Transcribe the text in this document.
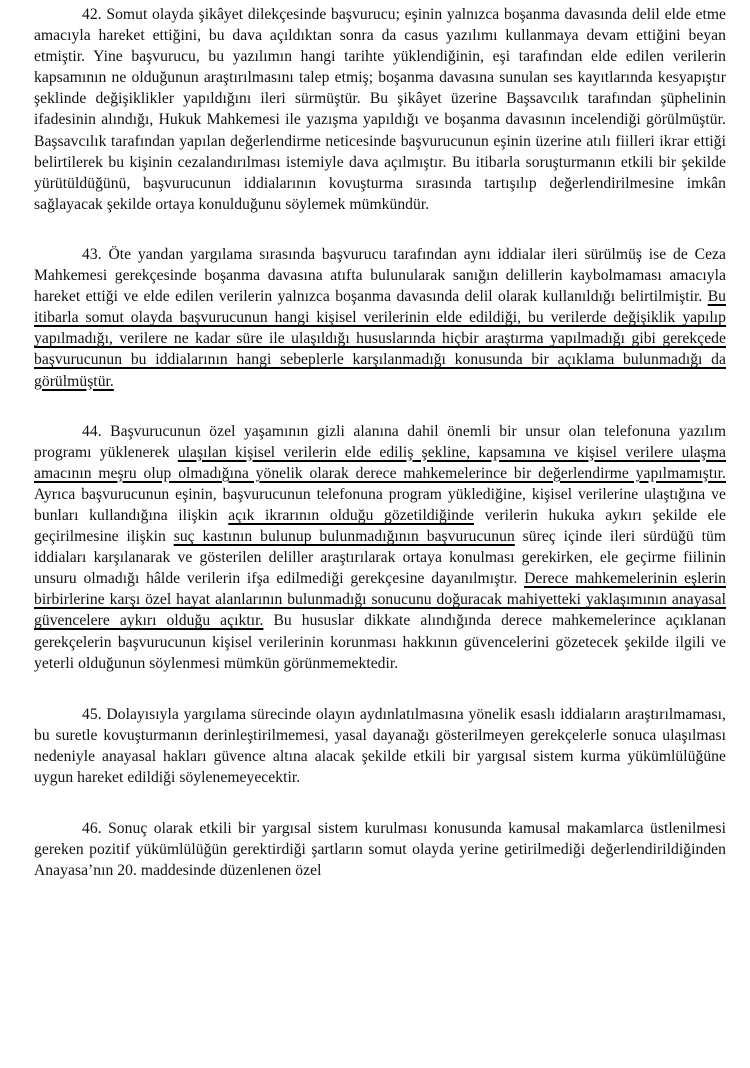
42. Somut olayda şikâyet dilekçesinde başvurucu; eşinin yalnızca boşanma davasında delil elde etme amacıyla hareket ettiğini, bu dava açıldıktan sonra da casus yazılımı kullanmaya devam ettiğini beyan etmiştir. Yine başvurucu, bu yazılımın hangi tarihte yüklendiğinin, eşi tarafından elde edilen verilerin kapsamının ne olduğunun araştırılmasını talep etmiş; boşanma davasına sunulan ses kayıtlarında kesyapıştır şeklinde değişiklikler yapıldığını ileri sürmüştür. Bu şikâyet üzerine Başsavcılık tarafından şüphelinin ifadesinin alındığı, Hukuk Mahkemesi ile yazışma yapıldığı ve boşanma davasının incelendiği görülmüştür. Başsavcılık tarafından yapılan değerlendirme neticesinde başvurucunun eşinin üzerine atılı fiilleri ikrar ettiği belirtilerek bu kişinin cezalandırılması istemiyle dava açılmıştır. Bu itibarla soruşturmanın etkili bir şekilde yürütüldüğünü, başvurucunun iddialarının kovuşturma sırasında tartışılıp değerlendirilmesine imkân sağlayacak şekilde ortaya konulduğunu söylemek mümkündür.

43. Öte yandan yargılama sırasında başvurucu tarafından aynı iddialar ileri sürülmüş ise de Ceza Mahkemesi gerekçesinde boşanma davasına atıfta bulunularak sanığın delillerin kaybolmaması amacıyla hareket ettiği ve elde edilen verilerin yalnızca boşanma davasında delil olarak kullanıldığı belirtilmiştir. Bu itibarla somut olayda başvurucunun hangi kişisel verilerinin elde edildiği, bu verilerde değişiklik yapılıp yapılmadığı, verilere ne kadar süre ile ulaşıldığı hususlarında hiçbir araştırma yapılmadığı gibi gerekçede başvurucunun bu iddialarının hangi sebeplerle karşılanmadığı konusunda bir açıklama bulunmadığı da görülmüştür.

44. Başvurucunun özel yaşamının gizli alanına dahil önemli bir unsur olan telefonuna yazılım programı yüklenerek ulaşılan kişisel verilerin elde ediliş şekline, kapsamına ve kişisel verilere ulaşma amacının meşru olup olmadığına yönelik olarak derece mahkemelerince bir değerlendirme yapılmamıştır. Ayrıca başvurucunun eşinin, başvurucunun telefonuna program yüklediğine, kişisel verilerine ulaştığına ve bunları kullandığına ilişkin açık ikrarının olduğu gözetildiğinde verilerin hukuka aykırı şekilde ele geçirilmesine ilişkin suç kastının bulunup bulunmadığının başvurucunun süreç içinde ileri sürdüğü tüm iddiaları karşılanarak ve gösterilen deliller araştırılarak ortaya konulması gerekirken, ele geçirme fiilinin unsuru olmadığı hâlde verilerin ifşa edilmediği gerekçesine dayanılmıştır. Derece mahkemelerinin eşlerin birbirlerine karşı özel hayat alanlarının bulunmadığı sonucunu doğuracak mahiyetteki yaklaşımının anayasal güvencelere aykırı olduğu açıktır. Bu hususlar dikkate alındığında derece mahkemelerince açıklanan gerekçelerin başvurucunun kişisel verilerinin korunması hakkının güvencelerini gözetecek şekilde ilgili ve yeterli olduğunun söylenmesi mümkün görünmemektedir.

45. Dolayısıyla yargılama sürecinde olayın aydınlatılmasına yönelik esaslı iddiaların araştırılmaması, bu suretle kovuşturmanın derinleştirilmemesi, yasal dayanağı gösterilmeyen gerekçelerle sonuca ulaşılması nedeniyle anayasal hakları güvence altına alacak şekilde etkili bir yargısal sistem kurma yükümlülüğüne uygun hareket edildiği söylenemeyecektir.

46. Sonuç olarak etkili bir yargısal sistem kurulması konusunda kamusal makamlarca üstlenilmesi gereken pozitif yükümlülüğün gerektirdiği şartların somut olayda yerine getirilmediği değerlendirildiğinden Anayasa’nın 20. maddesinde düzenlenen özel
